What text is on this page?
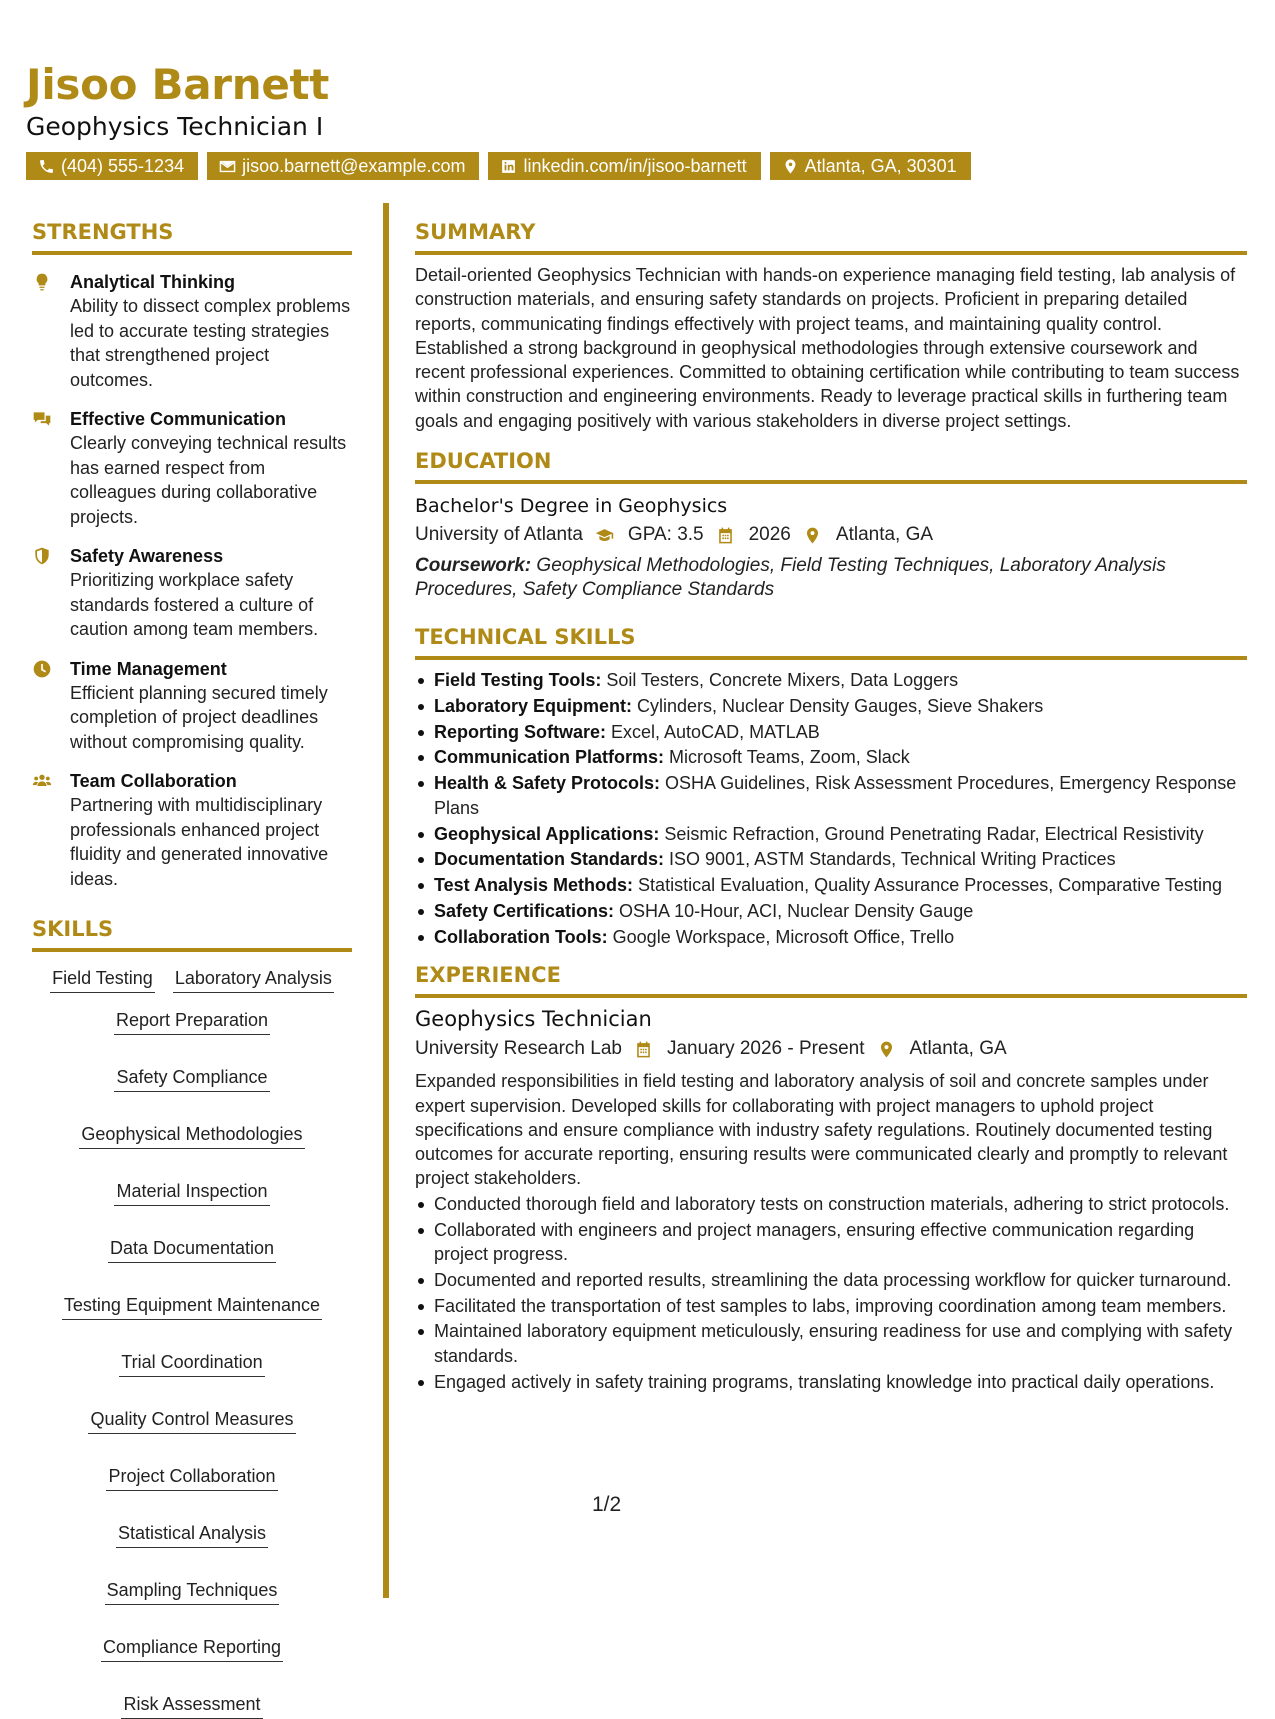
Jisoo Barnett
Geophysics Technician I
(404) 555-1234	jisoo.barnett@example.com	linkedin.com/in/jisoo-barnett	Atlanta, GA, 30301
STRENGTHS
Analytical Thinking
Ability to dissect complex problems led to accurate testing strategies that strengthened project outcomes.
Effective Communication
Clearly conveying technical results has earned respect from colleagues during collaborative projects.
Safety Awareness
Prioritizing workplace safety standards fostered a culture of caution among team members.
Time Management
Efficient planning secured timely completion of project deadlines without compromising quality.
Team Collaboration
Partnering with multidisciplinary professionals enhanced project fluidity and generated innovative ideas.
SKILLS
Field Testing Laboratory Analysis
Report Preparation
Safety Compliance
Geophysical Methodologies
Material Inspection
Data Documentation
Testing Equipment Maintenance
Trial Coordination
Quality Control Measures
Project Collaboration
Statistical Analysis
Sampling Techniques
Compliance Reporting
Risk Assessment
SUMMARY
Detail-oriented Geophysics Technician with hands-on experience managing field testing, lab analysis of construction materials, and ensuring safety standards on projects. Proficient in preparing detailed reports, communicating findings effectively with project teams, and maintaining quality control. Established a strong background in geophysical methodologies through extensive coursework and recent professional experiences. Committed to obtaining certification while contributing to team success within construction and engineering environments. Ready to leverage practical skills in furthering team goals and engaging positively with various stakeholders in diverse project settings.
EDUCATION
Bachelor's Degree in Geophysics
University of Atlanta GPA: 3.5 2026 Atlanta, GA
Coursework: Geophysical Methodologies, Field Testing Techniques, Laboratory Analysis Procedures, Safety Compliance Standards
TECHNICAL SKILLS
Field Testing Tools: Soil Testers, Concrete Mixers, Data Loggers
Laboratory Equipment: Cylinders, Nuclear Density Gauges, Sieve Shakers
Reporting Software: Excel, AutoCAD, MATLAB
Communication Platforms: Microsoft Teams, Zoom, Slack
Health & Safety Protocols: OSHA Guidelines, Risk Assessment Procedures, Emergency Response Plans
Geophysical Applications: Seismic Refraction, Ground Penetrating Radar, Electrical Resistivity
Documentation Standards: ISO 9001, ASTM Standards, Technical Writing Practices
Test Analysis Methods: Statistical Evaluation, Quality Assurance Processes, Comparative Testing
Safety Certifications: OSHA 10-Hour, ACI, Nuclear Density Gauge
Collaboration Tools: Google Workspace, Microsoft Office, Trello
EXPERIENCE
Geophysics Technician
University Research Lab January 2026 - Present Atlanta, GA
Expanded responsibilities in field testing and laboratory analysis of soil and concrete samples under expert supervision. Developed skills for collaborating with project managers to uphold project specifications and ensure compliance with industry safety regulations. Routinely documented testing outcomes for accurate reporting, ensuring results were communicated clearly and promptly to relevant project stakeholders.
Conducted thorough field and laboratory tests on construction materials, adhering to strict protocols.
Collaborated with engineers and project managers, ensuring effective communication regarding project progress.
Documented and reported results, streamlining the data processing workflow for quicker turnaround.
Facilitated the transportation of test samples to labs, improving coordination among team members.
Maintained laboratory equipment meticulously, ensuring readiness for use and complying with safety standards.
Engaged actively in safety training programs, translating knowledge into practical daily operations.
1/2
